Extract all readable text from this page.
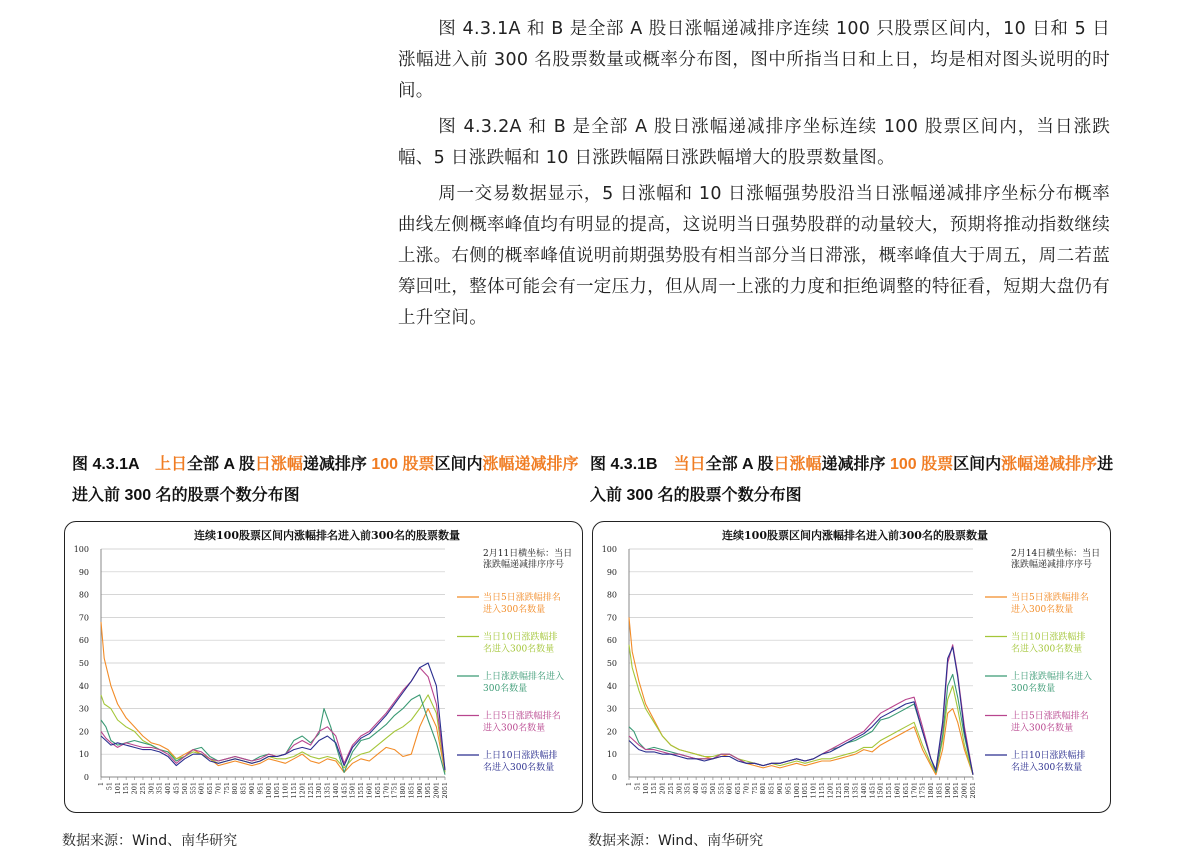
图 4.3.1A 和 B 是全部 A 股日涨幅递减排序连续 100 只股票区间内，10 日和 5 日涨幅进入前 300 名股票数量或概率分布图，图中所指当日和上日，均是相对图头说明的时间。

图 4.3.2A 和 B 是全部 A 股日涨幅递减排序坐标连续 100 股票区间内，当日涨跌幅、5 日涨跌幅和 10 日涨跌幅隔日涨跌幅增大的股票数量图。

周一交易数据显示，5 日涨幅和 10 日涨幅强势股沿当日涨幅递减排序坐标分布概率曲线左侧概率峰值均有明显的提高，这说明当日强势股群的动量较大，预期将推动指数继续上涨。右侧的概率峰值说明前期强势股有相当部分当日滞涨，概率峰值大于周五，周二若蓝筹回吐，整体可能会有一定压力，但从周一上涨的力度和拒绝调整的特征看，短期大盘仍有上升空间。

图 4.3.1A　上日全部 A 股日涨幅递减排序 100 股票区间内涨幅递减排序进入前 300 名的股票个数分布图
图 4.3.1B　当日全部 A 股日涨幅递减排序 100 股票区间内涨幅递减排序进入前 300 名的股票个数分布图
连续100股票区间内涨幅排名进入前300名的股票数量
0
10
20
30
40
50
60
70
80
90
100
1 51 101 151 201 251 301 351 401 451 501 551 601 651 701 751 801 851 901 951 1001 1051 1101 1151 1201 1251 1301 1351 1401 1451 1501 1551 1601 1651 1701 1751 1801 1851 1901 1951 2001 2051
2月11日横坐标：当日涨跌幅递减排序序号
当日5日涨跌幅排名进入300名数量
当日10日涨跌幅排名进入300名数量
上日涨跌幅排名进入 300名数量
上日5日涨跌幅排名进入300名数量
上日10日涨跌幅排名进入300名数量
连续100股票区间内涨幅排名进入前300名的股票数量
0
10
20
30
40
50
60
70
80
90
100
1 51 101 151 201 251 301 351 401 451 501 551 601 651 701 751 801 851 901 951 1001 1051 1101 1151 1201 1251 1301 1351 1401 1451 1501 1551 1601 1651 1701 1751 1801 1851 1901 1951 2001 2051
2月14日横坐标：当日涨跌幅递减排序序号
当日5日涨跌幅排名进入300名数量
当日10日涨跌幅排名进入300名数量
上日涨跌幅排名进入 300名数量
上日5日涨跌幅排名进入300名数量
上日10日涨跌幅排名进入300名数量
数据来源：Wind、南华研究	数据来源：Wind、南华研究
